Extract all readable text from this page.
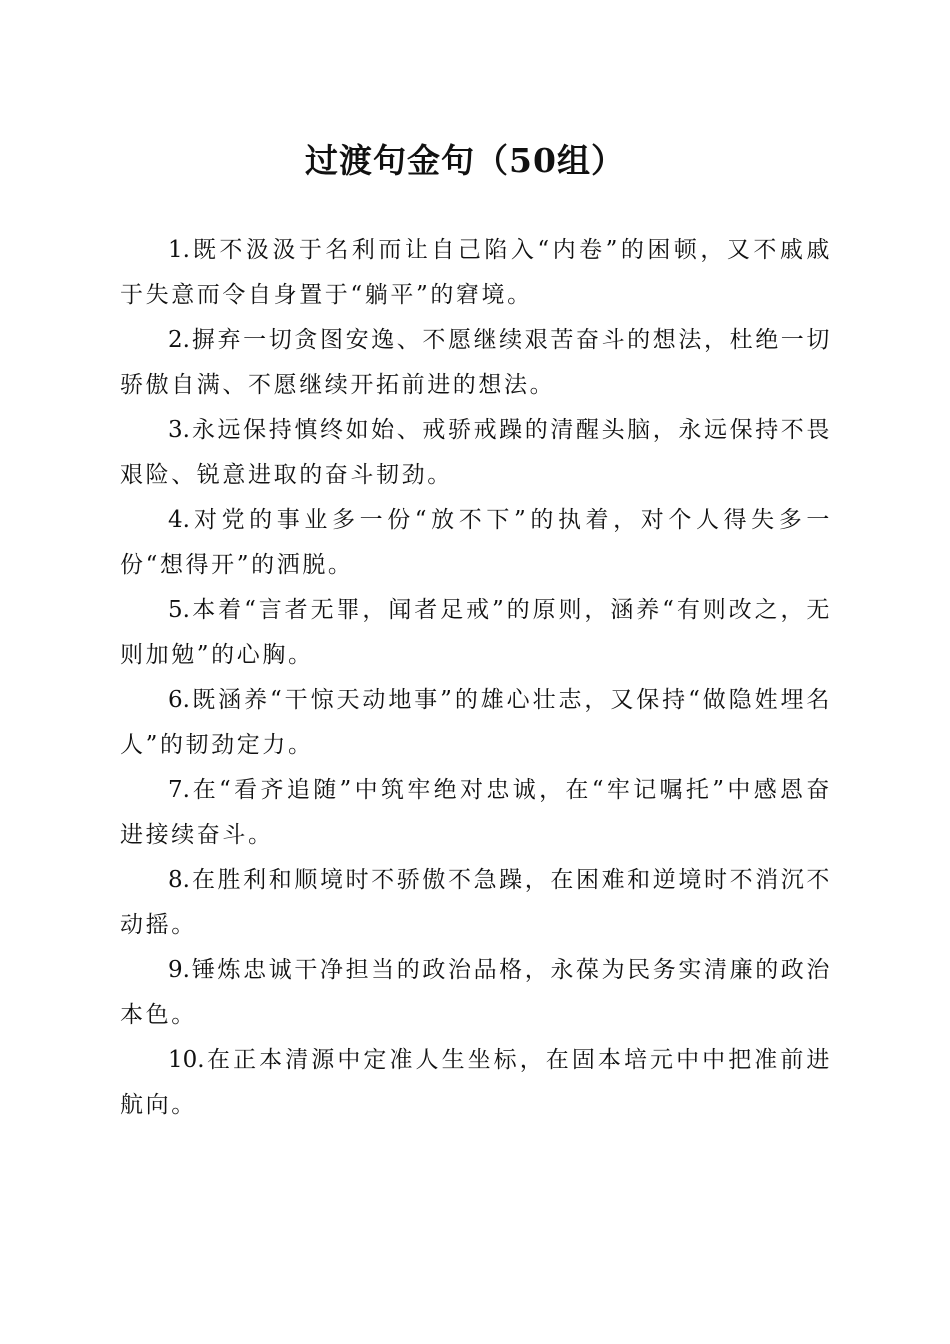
过渡句金句（50组）

1.既不汲汲于名利而让自己陷入“内卷”的困顿，又不戚戚于失意而令自身置于“躺平”的窘境。

2.摒弃一切贪图安逸、不愿继续艰苦奋斗的想法，杜绝一切骄傲自满、不愿继续开拓前进的想法。

3.永远保持慎终如始、戒骄戒躁的清醒头脑，永远保持不畏艰险、锐意进取的奋斗韧劲。

4.对党的事业多一份“放不下”的执着，对个人得失多一份“想得开”的洒脱。

5.本着“言者无罪，闻者足戒”的原则，涵养“有则改之，无则加勉”的心胸。

6.既涵养“干惊天动地事”的雄心壮志，又保持“做隐姓埋名人”的韧劲定力。

7.在“看齐追随”中筑牢绝对忠诚，在“牢记嘱托”中感恩奋进接续奋斗。

8.在胜利和顺境时不骄傲不急躁，在困难和逆境时不消沉不动摇。

9.锤炼忠诚干净担当的政治品格，永葆为民务实清廉的政治本色。

10.在正本清源中定准人生坐标，在固本培元中中把准前进航向。
